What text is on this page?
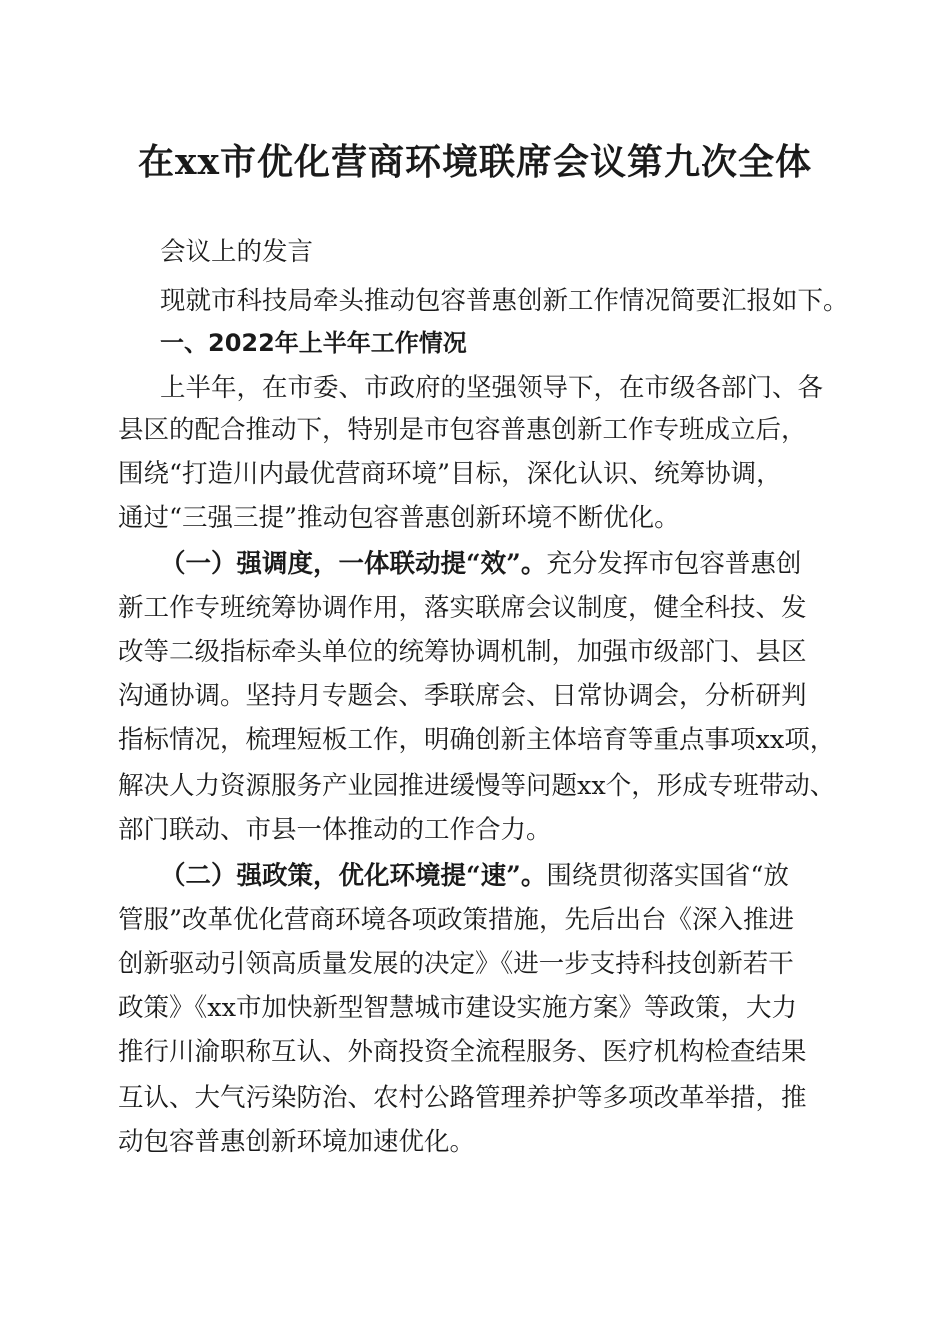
在xx市优化营商环境联席会议第九次全体
会议上的发言
现就市科技局牵头推动包容普惠创新工作情况简要汇报如下。
一、2022年上半年工作情况
上半年，在市委、市政府的坚强领导下，在市级各部门、各
县区的配合推动下，特别是市包容普惠创新工作专班成立后，
围绕“打造川内最优营商环境”目标，深化认识、统筹协调，
通过“三强三提”推动包容普惠创新环境不断优化。
（一）强调度，一体联动提“效”。充分发挥市包容普惠创
新工作专班统筹协调作用，落实联席会议制度，健全科技、发
改等二级指标牵头单位的统筹协调机制，加强市级部门、县区
沟通协调。坚持月专题会、季联席会、日常协调会，分析研判
指标情况，梳理短板工作，明确创新主体培育等重点事项xx项，
解决人力资源服务产业园推进缓慢等问题xx个，形成专班带动、
部门联动、市县一体推动的工作合力。
（二）强政策，优化环境提“速”。围绕贯彻落实国省“放
管服”改革优化营商环境各项政策措施，先后出台《深入推进
创新驱动引领高质量发展的决定》《进一步支持科技创新若干
政策》《xx市加快新型智慧城市建设实施方案》等政策，大力
推行川渝职称互认、外商投资全流程服务、医疗机构检查结果
互认、大气污染防治、农村公路管理养护等多项改革举措，推
动包容普惠创新环境加速优化。
